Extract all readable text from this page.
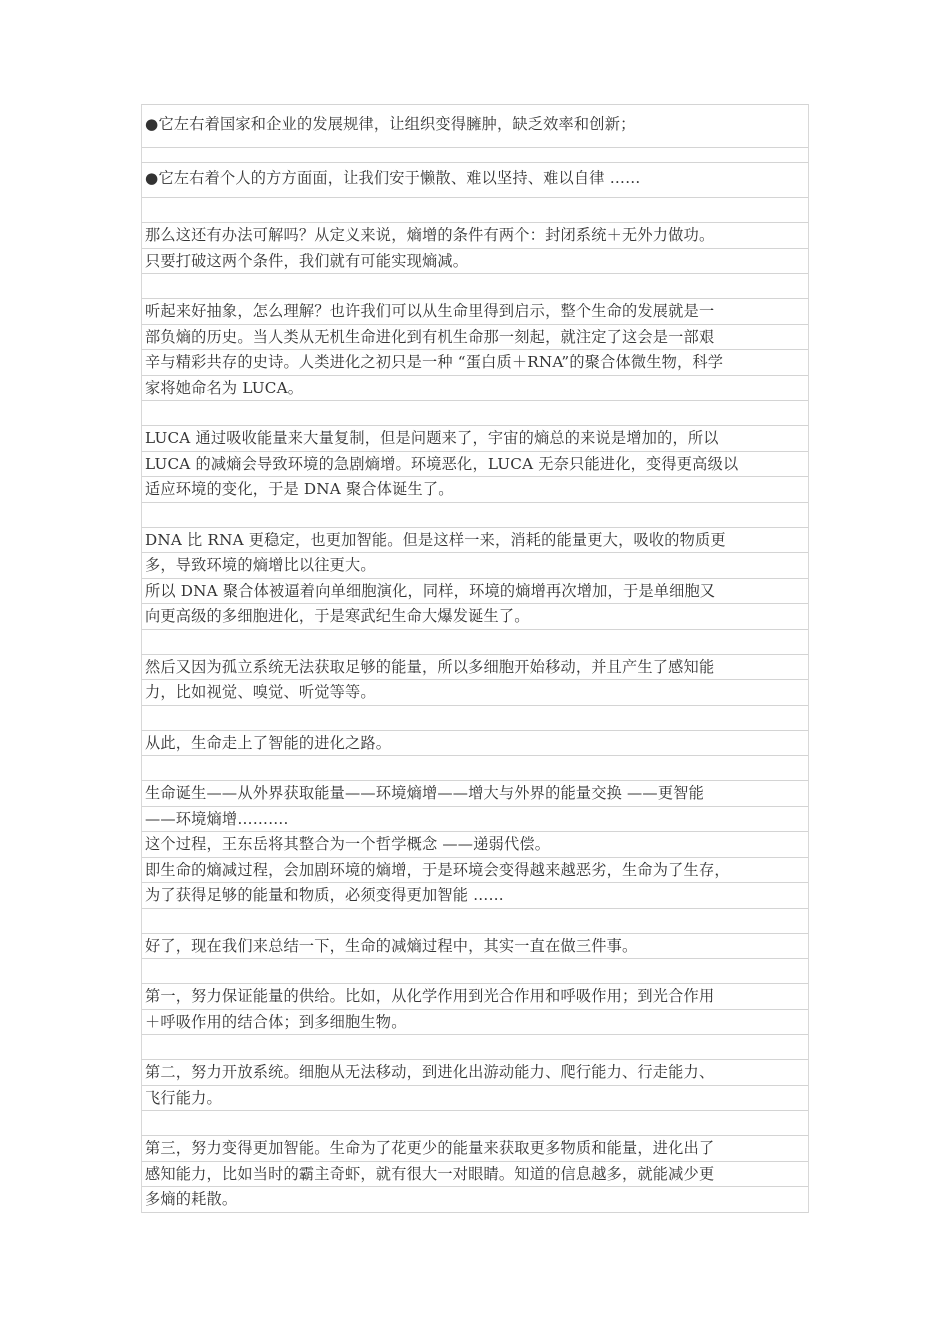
●它左右着国家和企业的发展规律，让组织变得臃肿，缺乏效率和创新；
●它左右着个人的方方面面，让我们安于懒散、难以坚持、难以自律 ……
那么这还有办法可解吗？从定义来说，熵增的条件有两个：封闭系统＋无外力做功。
只要打破这两个条件，我们就有可能实现熵减。
听起来好抽象，怎么理解？也许我们可以从生命里得到启示，整个生命的发展就是一
部负熵的历史。当人类从无机生命进化到有机生命那一刻起，就注定了这会是一部艰
辛与精彩共存的史诗。人类进化之初只是一种 “蛋白质＋RNA”的聚合体微生物，科学
家将她命名为 LUCA。
LUCA 通过吸收能量来大量复制，但是问题来了，宇宙的熵总的来说是增加的，所以
LUCA 的减熵会导致环境的急剧熵增。环境恶化，LUCA 无奈只能进化，变得更高级以
适应环境的变化，于是 DNA 聚合体诞生了。
DNA 比 RNA 更稳定，也更加智能。但是这样一来，消耗的能量更大，吸收的物质更
多，导致环境的熵增比以往更大。
所以 DNA 聚合体被逼着向单细胞演化，同样，环境的熵增再次增加，于是单细胞又
向更高级的多细胞进化，于是寒武纪生命大爆发诞生了。
然后又因为孤立系统无法获取足够的能量，所以多细胞开始移动，并且产生了感知能
力，比如视觉、嗅觉、听觉等等。
从此，生命走上了智能的进化之路。
生命诞生——从外界获取能量——环境熵增——增大与外界的能量交换 ——更智能
——环境熵增……….
这个过程，王东岳将其整合为一个哲学概念 ——递弱代偿。
即生命的熵减过程，会加剧环境的熵增，于是环境会变得越来越恶劣，生命为了生存，
为了获得足够的能量和物质，必须变得更加智能 ……
好了，现在我们来总结一下，生命的减熵过程中，其实一直在做三件事。
第一，努力保证能量的供给。比如，从化学作用到光合作用和呼吸作用；到光合作用
＋呼吸作用的结合体；到多细胞生物。
第二，努力开放系统。细胞从无法移动，到进化出游动能力、爬行能力、行走能力、
飞行能力。
第三，努力变得更加智能。生命为了花更少的能量来获取更多物质和能量，进化出了
感知能力，比如当时的霸主奇虾，就有很大一对眼睛。知道的信息越多，就能减少更
多熵的耗散。
